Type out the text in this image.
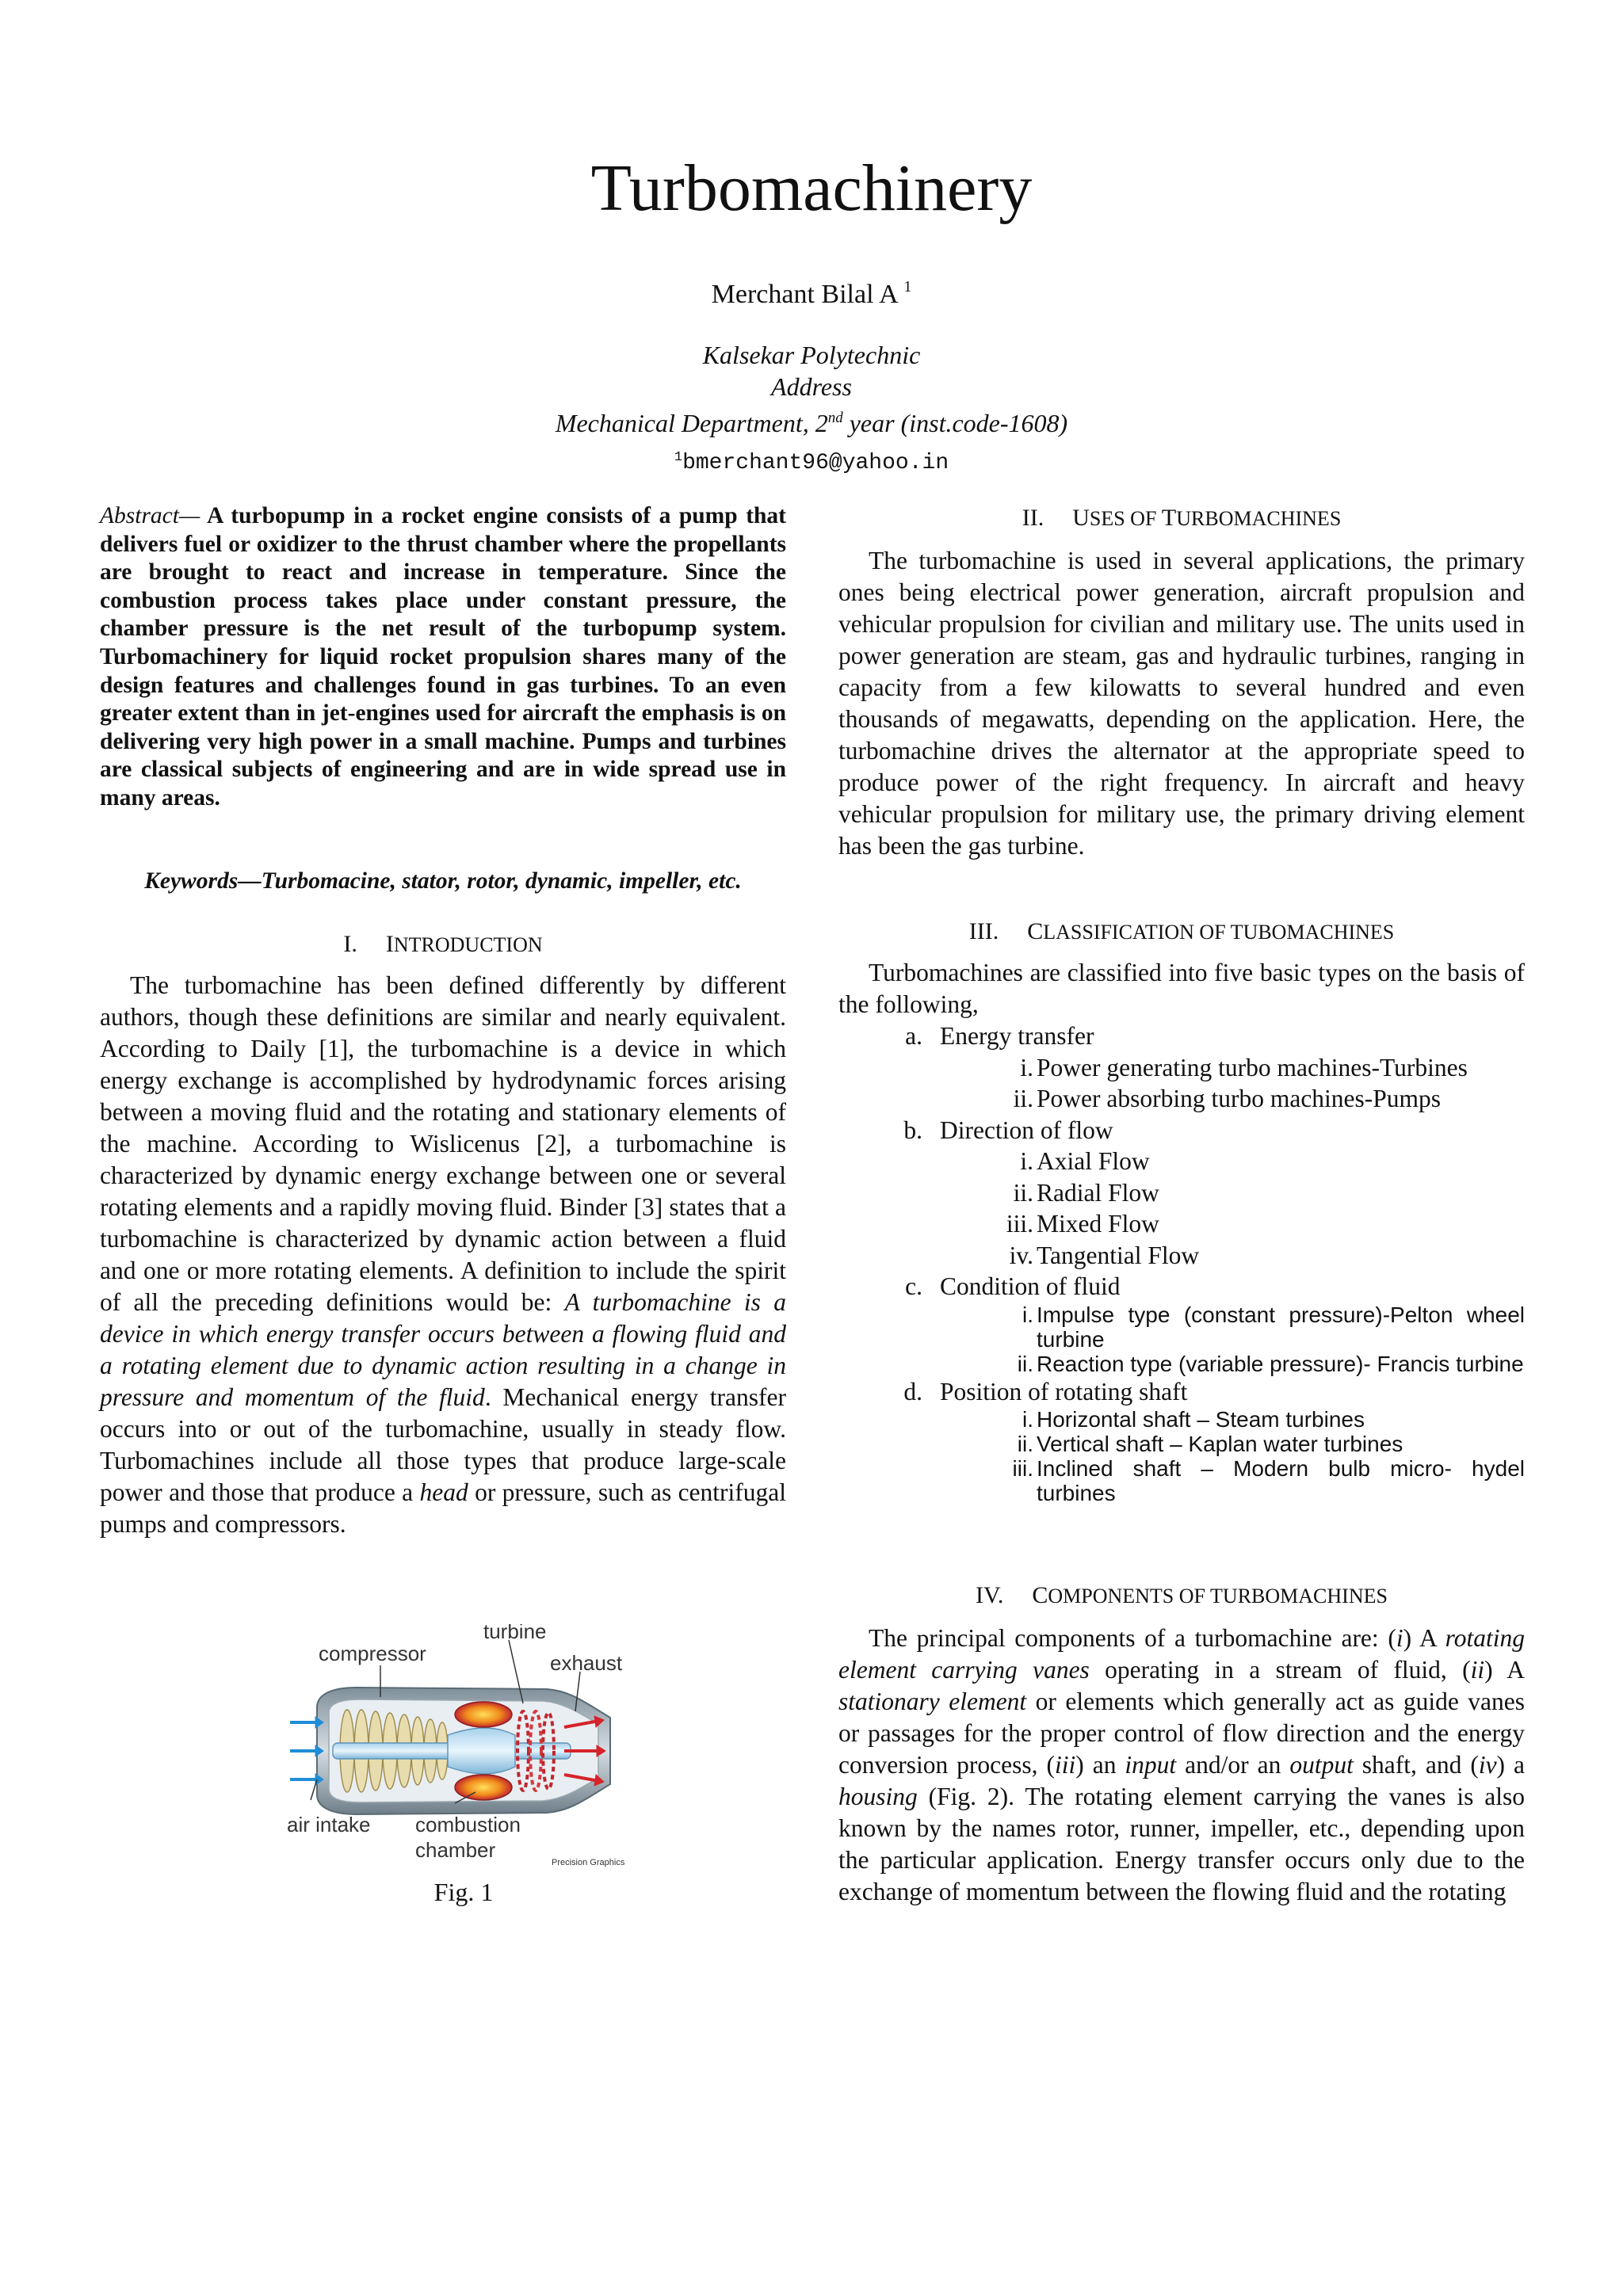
Turbomachinery
Merchant Bilal A $^1$
Kalsekar Polytechnic
Address
Mechanical Department, 2nd year (inst.code-1608)
$^1$bmerchant96@yahoo.in
Abstract— A turbopump in a rocket engine consists of a pump that delivers fuel or oxidizer to the thrust chamber where the propellants are brought to react and increase in temperature. Since the combustion process takes place under constant pressure, the chamber pressure is the net result of the turbopump system. Turbomachinery for liquid rocket propulsion shares many of the design features and challenges found in gas turbines. To an even greater extent than in jet-engines used for aircraft the emphasis is on delivering very high power in a small machine. Pumps and turbines are classical subjects of engineering and are in wide spread use in many areas.
Keywords—Turbomacine, stator, rotor, dynamic, impeller, etc.
I. INTRODUCTION

The turbomachine has been defined differently by different authors, though these definitions are similar and nearly equivalent. According to Daily [1], the turbomachine is a device in which energy exchange is accomplished by hydrodynamic forces arising between a moving fluid and the rotating and stationary elements of the machine. According to Wislicenus [2], a turbomachine is characterized by dynamic energy exchange between one or several rotating elements and a rapidly moving fluid. Binder [3] states that a turbomachine is characterized by dynamic action between a fluid and one or more rotating elements. A definition to include the spirit of all the preceding definitions would be: A turbomachine is a device in which energy transfer occurs between a flowing fluid and a rotating element due to dynamic action resulting in a change in pressure and momentum of the fluid. Mechanical energy transfer occurs into or out of the turbomachine, usually in steady flow. Turbomachines include all those types that produce large-scale power and those that produce a head or pressure, such as centrifugal pumps and compressors.

compressor
turbine
exhaust
air intake combustion
chamber
Precision Graphics
Fig. 1
II. USES OF TURBOMACHINES

The turbomachine is used in several applications, the primary ones being electrical power generation, aircraft propulsion and vehicular propulsion for civilian and military use. The units used in power generation are steam, gas and hydraulic turbines, ranging in capacity from a few kilowatts to several hundred and even thousands of megawatts, depending on the application. Here, the turbomachine drives the alternator at the appropriate speed to produce power of the right frequency. In aircraft and heavy vehicular propulsion for military use, the primary driving element has been the gas turbine.

III. CLASSIFICATION OF TUBOMACHINES

Turbomachines are classified into five basic types on the basis of the following,

a. Energy transfer
i. Power generating turbo machines-Turbines
ii. Power absorbing turbo machines-Pumps
b. Direction of flow
i. Axial Flow
ii. Radial Flow
iii. Mixed Flow
iv. Tangential Flow
c. Condition of fluid
i. Impulse type (constant pressure)-Pelton wheel turbine
ii. Reaction type (variable pressure)- Francis turbine
d. Position of rotating shaft
i. Horizontal shaft – Steam turbines
ii. Vertical shaft – Kaplan water turbines
iii. Inclined shaft – Modern bulb micro- hydel turbines
IV. COMPONENTS OF TURBOMACHINES

The principal components of a turbomachine are: (i) A rotating element carrying vanes operating in a stream of fluid, (ii) A stationary element or elements which generally act as guide vanes or passages for the proper control of flow direction and the energy conversion process, (iii) an input and/or an output shaft, and (iv) a housing (Fig. 2). The rotating element carrying the vanes is also known by the names rotor, runner, impeller, etc., depending upon the particular application. Energy transfer occurs only due to the exchange of momentum between the flowing fluid and the rotating
